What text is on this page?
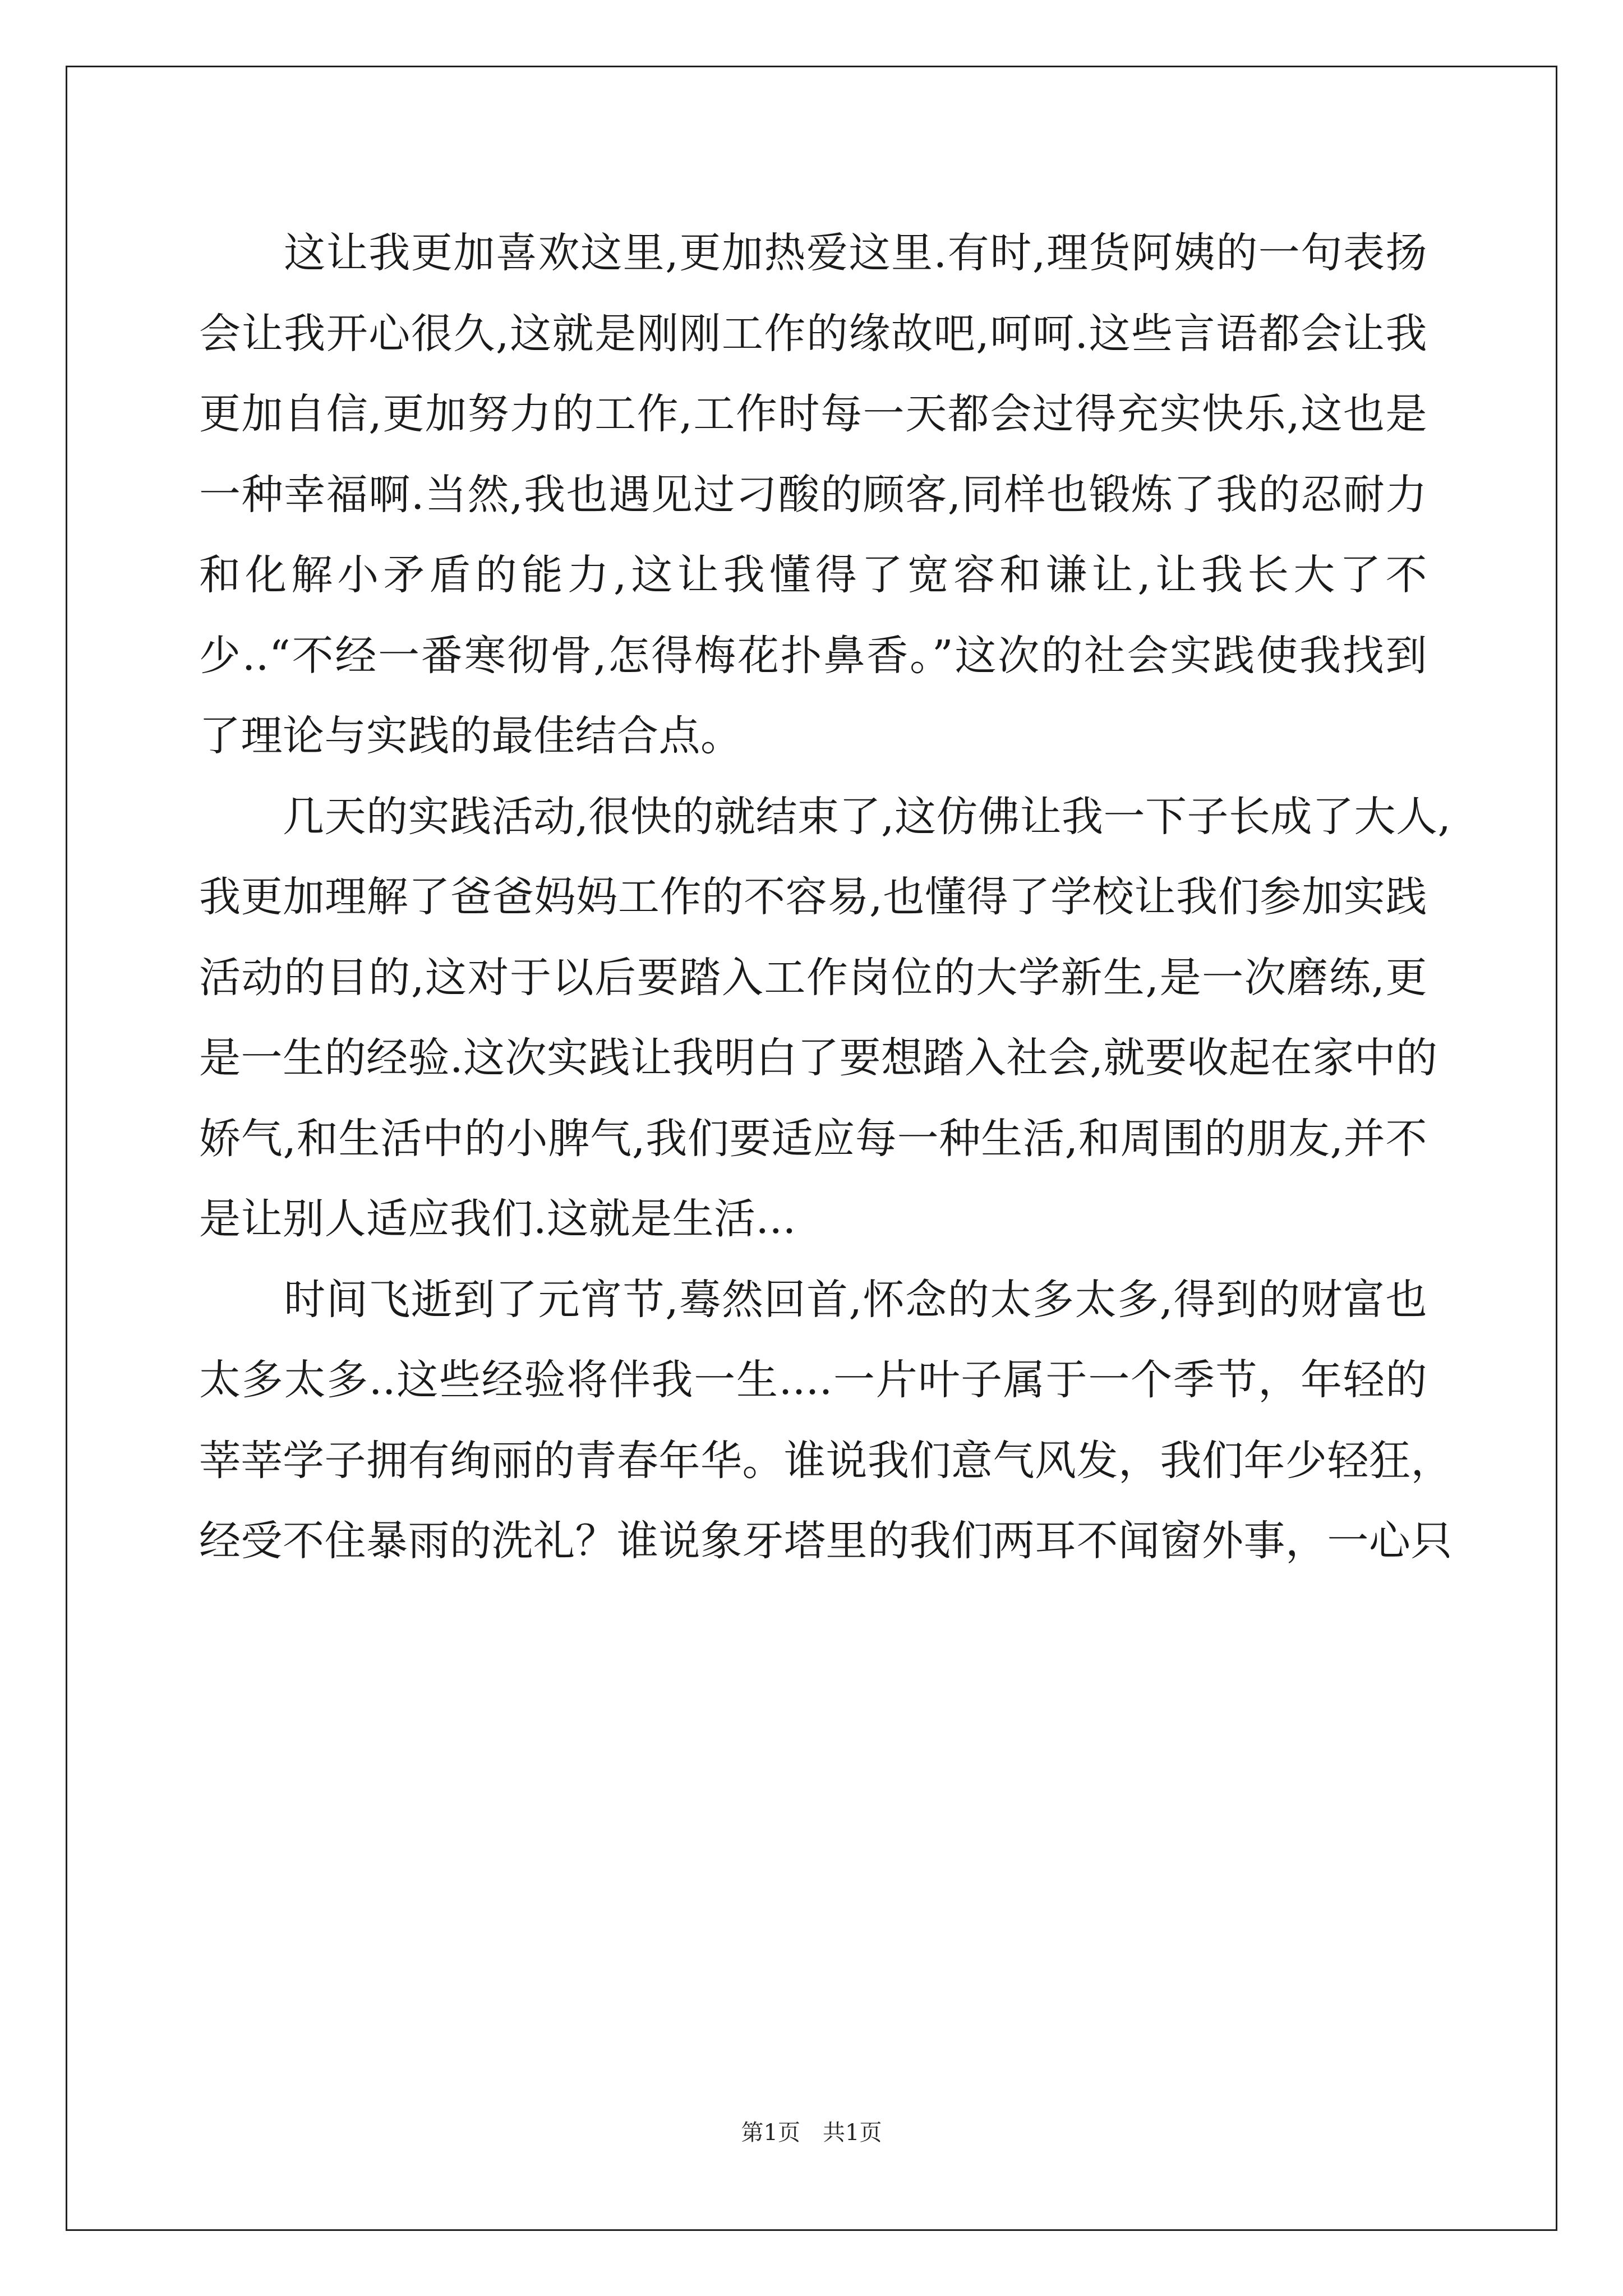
　　这让我更加喜欢这里,更加热爱这里.有时,理货阿姨的一句表扬
会让我开心很久,这就是刚刚工作的缘故吧,呵呵.这些言语都会让我
更加自信,更加努力的工作,工作时每一天都会过得充实快乐,这也是
一种幸福啊.当然,我也遇见过刁酸的顾客,同样也锻炼了我的忍耐力
和化解小矛盾的能力,这让我懂得了宽容和谦让,让我长大了不
少..“不经一番寒彻骨,怎得梅花扑鼻香。”这次的社会实践使我找到
了理论与实践的最佳结合点。
　　几天的实践活动,很快的就结束了,这仿佛让我一下子长成了大人,
我更加理解了爸爸妈妈工作的不容易,也懂得了学校让我们参加实践
活动的目的,这对于以后要踏入工作岗位的大学新生,是一次磨练,更
是一生的经验.这次实践让我明白了要想踏入社会,就要收起在家中的
娇气,和生活中的小脾气,我们要适应每一种生活,和周围的朋友,并不
是让别人适应我们.这就是生活...
　　时间飞逝到了元宵节,蓦然回首,怀念的太多太多,得到的财富也
太多太多..这些经验将伴我一生....一片叶子属于一个季节，年轻的
莘莘学子拥有绚丽的青春年华。谁说我们意气风发，我们年少轻狂，
经受不住暴雨的洗礼？谁说象牙塔里的我们两耳不闻窗外事，一心只
第1页　共1页
